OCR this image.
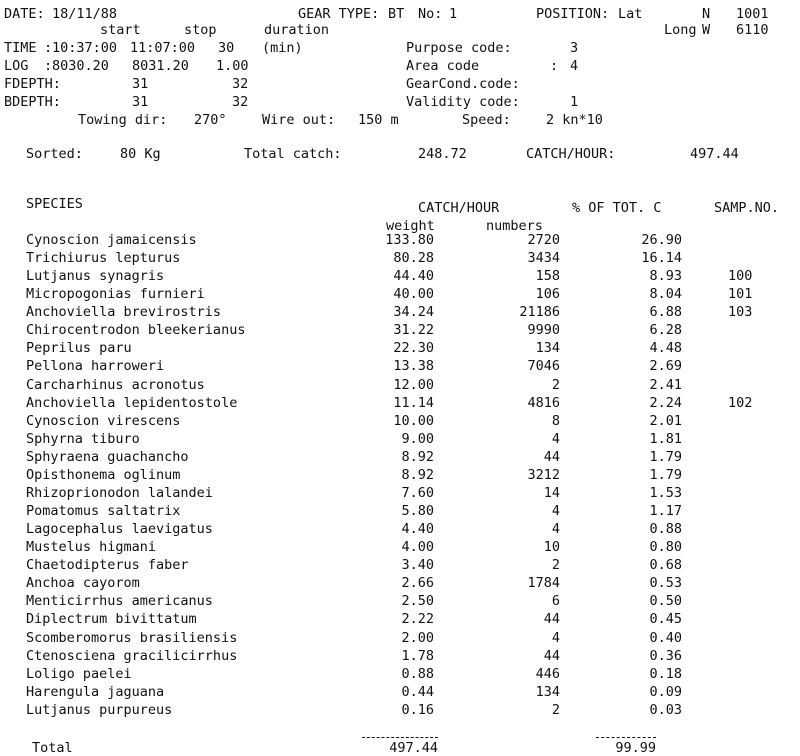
DATE: 18/11/88	GEAR TYPE: BT No: 1	POSITION: Lat	N 1001
start	stop	duration	Long W 6110
TIME : 10:37:00 11:07:00 30 (min)	Purpose code:	3
LOG : 8030.20 8031.20 1.00	Area code	: 4
FDEPTH:	31	32	GearCond.code:
BDEPTH:	31	32	Validity code:	1
Towing dir: 270°	Wire out: 150 m	Speed:	2 kn*10
Sorted:	80 Kg	Total catch:	248.72	CATCH/HOUR:	497.44
SPECIES	CATCH/HOUR	% OF TOT. C	SAMP.NO.
weight	numbers
Cynoscion jamaicensis	133.80	2720	26.90
Trichiurus lepturus	80.28	3434	16.14
Lutjanus synagris	44.40	158	8.93	100
Micropogonias furnieri	40.00	106	8.04	101
Anchoviella brevirostris	34.24	21186	6.88	103
Chirocentrodon bleekerianus	31.22	9990	6.28
Peprilus paru	22.30	134	4.48
Pellona harroweri	13.38	7046	2.69
Carcharhinus acronotus	12.00	2	2.41
Anchoviella lepidentostole	11.14	4816	2.24	102
Cynoscion virescens	10.00	8	2.01
Sphyrna tiburo	9.00	4	1.81
Sphyraena guachancho	8.92	44	1.79
Opisthonema oglinum	8.92	3212	1.79
Rhizoprionodon lalandei	7.60	14	1.53
Pomatomus saltatrix	5.80	4	1.17
Lagocephalus laevigatus	4.40	4	0.88
Mustelus higmani	4.00	10	0.80
Chaetodipterus faber	3.40	2	0.68
Anchoa cayorom	2.66	1784	0.53
Menticirrhus americanus	2.50	6	0.50
Diplectrum bivittatum	2.22	44	0.45
Scomberomorus brasiliensis	2.00	4	0.40
Ctenosciena gracilicirrhus	1.78	44	0.36
Loligo paelei	0.88	446	0.18
Harengula jaguana	0.44	134	0.09
Lutjanus purpureus	0.16	2	0.03
Total	497.44	99.99
